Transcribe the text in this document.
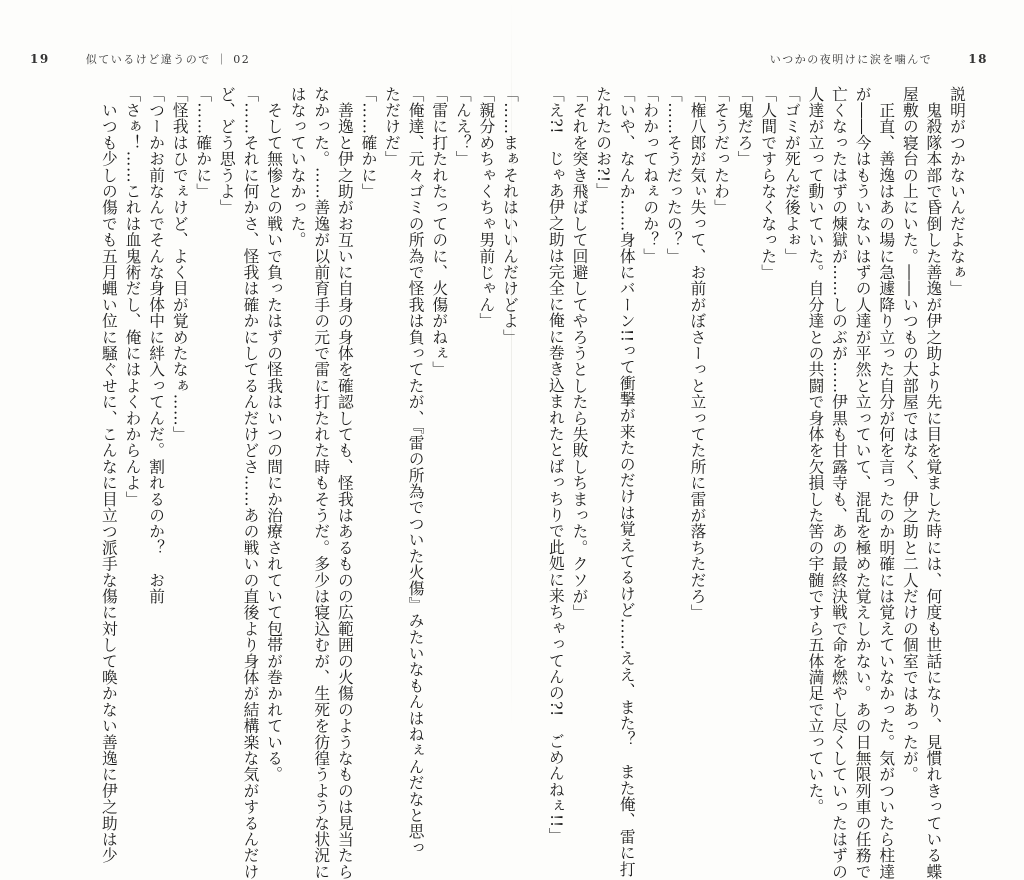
19	似ているけど違うので ｜ 02	いつかの夜明けに涙を噛んで	18
説明がつかないんだよなぁ」
　鬼殺隊本部で昏倒した善逸が伊之助より先に目を覚ました時には、何度も世話になり、見慣れきっている蝶
屋敷の寝台の上にいた。――いつもの大部屋ではなく、伊之助と二人だけの個室ではあったが。
　正直、善逸はあの場に急遽降り立った自分が何を言ったのか明確には覚えていなかった。気がついたら柱達
が――今はもういないはずの人達が平然と立っていて、混乱を極めた覚えしかない。あの日無限列車の任務で
亡くなったはずの煉獄が……しのぶが……伊黒も甘露寺も、あの最終決戦で命を燃やし尽くしていったはずの
人達が立って動いていた。自分達との共闘で身体を欠損した筈の宇髄ですら五体満足で立っていた。
「ゴミが死んだ後よぉ」
「人間ですらなくなった」
「鬼だろ」
「そうだったわ」
「権八郎が気ぃ失って、お前がぼさーっと立ってた所に雷が落ちただろ」
「……そうだったの？」
「わかってねぇのか？」
「いや、なんか……身体にバーン!!って衝撃が来たのだけは覚えてるけど……ええ、また？　また俺、雷に打
たれたのお?!」
「それを突き飛ばして回避してやろうとしたら失敗しちまった。クソが」
「え?!　じゃあ伊之助は完全に俺に巻き込まれたとばっちりで此処に来ちゃってんの?!　ごめんねぇ!!」
「……まぁそれはいいんだけどよ」
「親分めちゃくちゃ男前じゃん」
「んえ？」
「雷に打たれたってのに、火傷がねぇ」
「俺達、元々ゴミの所為で怪我は負ってたが、『雷の所為でついた火傷』みたいなもんはねぇんだなと思っ
ただけだ」
「……確かに」
　善逸と伊之助がお互いに自身の身体を確認しても、怪我はあるものの広範囲の火傷のようなものは見当たら
なかった。……善逸が以前育手の元で雷に打たれた時もそうだ。多少は寝込むが、生死を彷徨うような状況に
はなっていなかった。
　そして無惨との戦いで負ったはずの怪我はいつの間にか治療されていて包帯が巻かれている。
「……それに何かさ、怪我は確かにしてるんだけどさ……あの戦いの直後より身体が結構楽な気がするんだけ
ど、どう思うよ」
「……確かに」
「怪我はひでぇけど、よく目が覚めたなぁ……」
「つーかお前なんでそんな身体中に絆入ってんだ。割れるのか？　お前
「さぁ！……これは血鬼術だし、俺にはよくわからんよ」
　いつも少しの傷でも五月蝿い位に騒ぐせに、こんなに目立つ派手な傷に対して喚かない善逸に伊之助は少
